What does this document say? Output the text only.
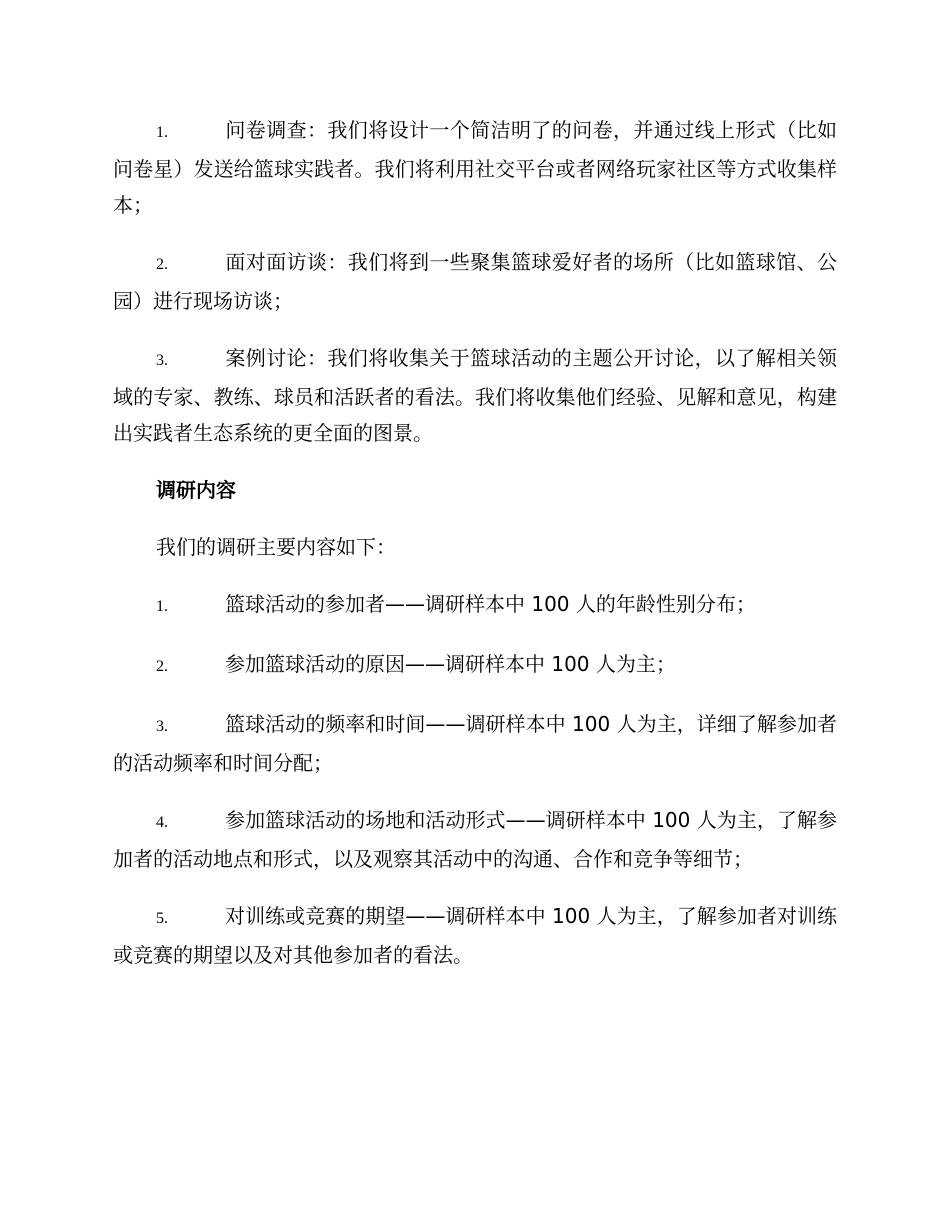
1.	问卷调查：我们将设计一个简洁明了的问卷，并通过线上形式（比如问卷星）发送给篮球实践者。我们将利用社交平台或者网络玩家社区等方式收集样本；

2.	面对面访谈：我们将到一些聚集篮球爱好者的场所（比如篮球馆、公园）进行现场访谈；

3.	案例讨论：我们将收集关于篮球活动的主题公开讨论，以了解相关领域的专家、教练、球员和活跃者的看法。我们将收集他们经验、见解和意见，构建出实践者生态系统的更全面的图景。

调研内容

我们的调研主要内容如下：

1.	篮球活动的参加者——调研样本中 100 人的年龄性别分布；

2.	参加篮球活动的原因——调研样本中 100 人为主；

3.	篮球活动的频率和时间——调研样本中 100 人为主，详细了解参加者的活动频率和时间分配；

4.	参加篮球活动的场地和活动形式——调研样本中 100 人为主，了解参加者的活动地点和形式，以及观察其活动中的沟通、合作和竞争等细节；

5.	对训练或竞赛的期望——调研样本中 100 人为主，了解参加者对训练或竞赛的期望以及对其他参加者的看法。
